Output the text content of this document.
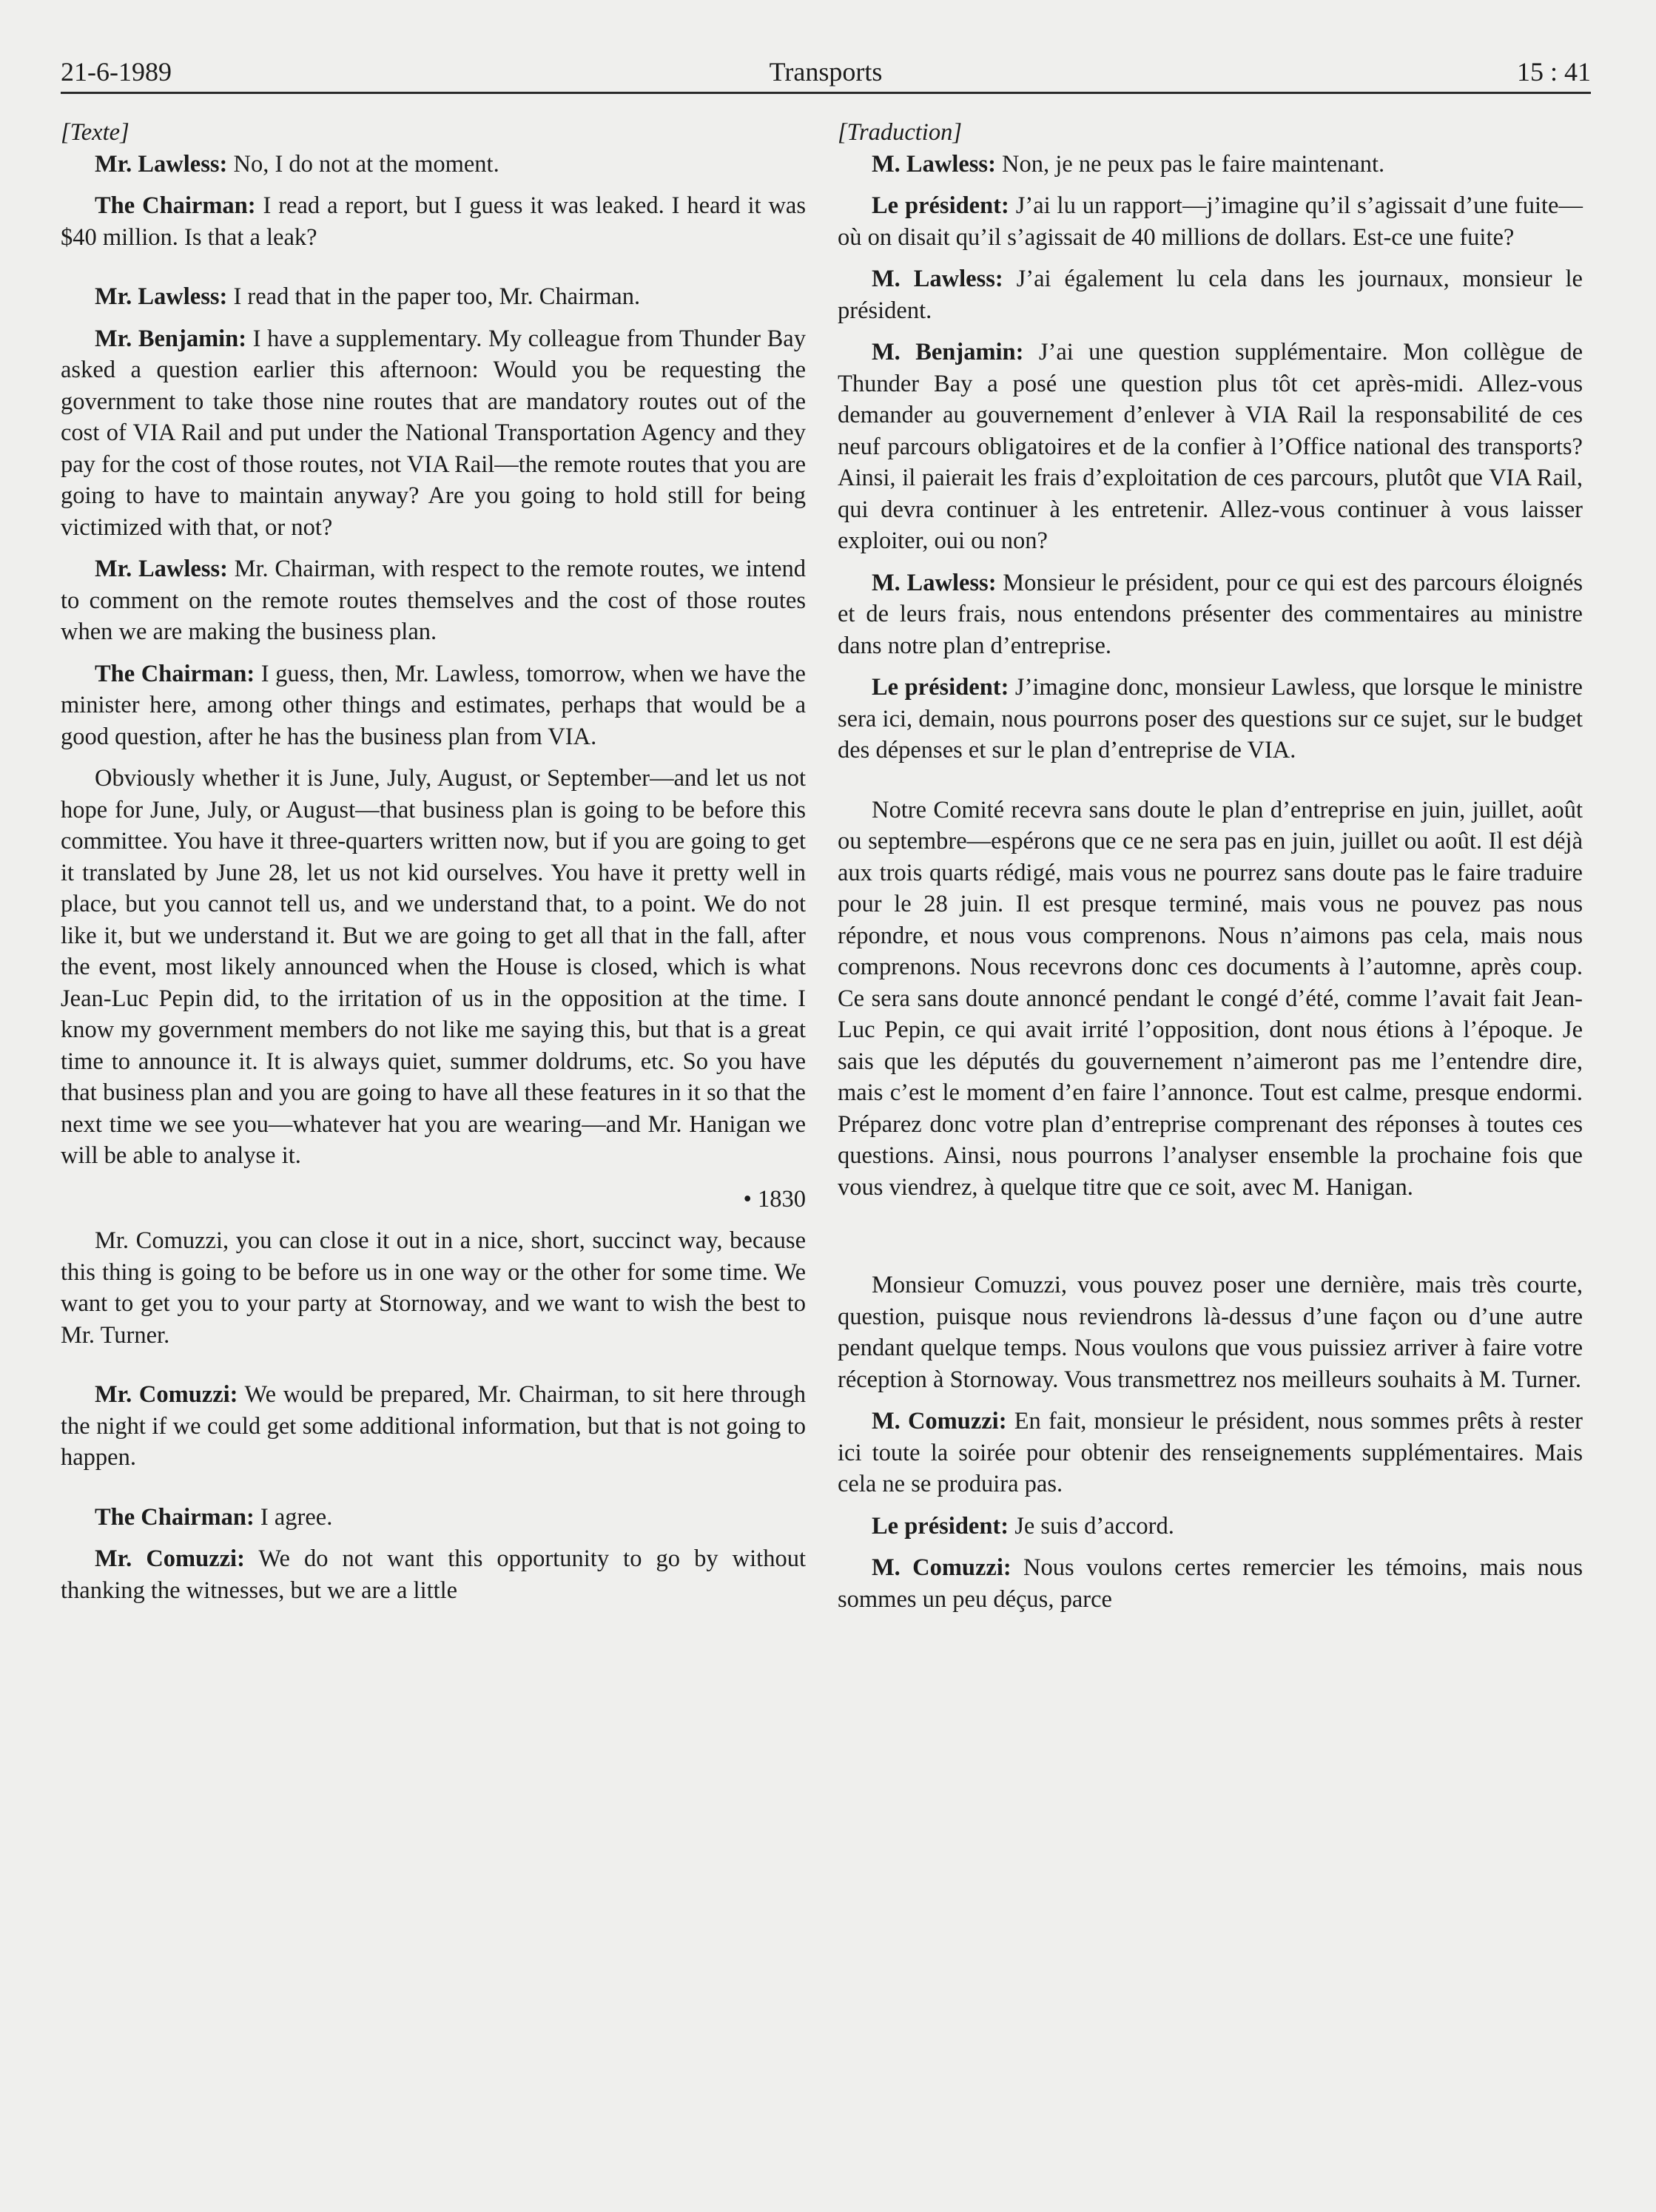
21-6-1989	Transports	15 : 41

[Texte]

Mr. Lawless: No, I do not at the moment.

The Chairman: I read a report, but I guess it was leaked. I heard it was $40 million. Is that a leak?

Mr. Lawless: I read that in the paper too, Mr. Chairman.

Mr. Benjamin: I have a supplementary. My colleague from Thunder Bay asked a question earlier this afternoon: Would you be requesting the government to take those nine routes that are mandatory routes out of the cost of VIA Rail and put under the National Transportation Agency and they pay for the cost of those routes, not VIA Rail—the remote routes that you are going to have to maintain anyway? Are you going to hold still for being victimized with that, or not?

Mr. Lawless: Mr. Chairman, with respect to the remote routes, we intend to comment on the remote routes themselves and the cost of those routes when we are making the business plan.

The Chairman: I guess, then, Mr. Lawless, tomorrow, when we have the minister here, among other things and estimates, perhaps that would be a good question, after he has the business plan from VIA.

Obviously whether it is June, July, August, or September—and let us not hope for June, July, or August—that business plan is going to be before this committee. You have it three-quarters written now, but if you are going to get it translated by June 28, let us not kid ourselves. You have it pretty well in place, but you cannot tell us, and we understand that, to a point. We do not like it, but we understand it. But we are going to get all that in the fall, after the event, most likely announced when the House is closed, which is what Jean-Luc Pepin did, to the irritation of us in the opposition at the time. I know my government members do not like me saying this, but that is a great time to announce it. It is always quiet, summer doldrums, etc. So you have that business plan and you are going to have all these features in it so that the next time we see you—whatever hat you are wearing—and Mr. Hanigan we will be able to analyse it.

• 1830

Mr. Comuzzi, you can close it out in a nice, short, succinct way, because this thing is going to be before us in one way or the other for some time. We want to get you to your party at Stornoway, and we want to wish the best to Mr. Turner.

Mr. Comuzzi: We would be prepared, Mr. Chairman, to sit here through the night if we could get some additional information, but that is not going to happen.

The Chairman: I agree.

Mr. Comuzzi: We do not want this opportunity to go by without thanking the witnesses, but we are a little

[Traduction]

M. Lawless: Non, je ne peux pas le faire maintenant.

Le président: J’ai lu un rapport—j’imagine qu’il s’agissait d’une fuite—où on disait qu’il s’agissait de 40 millions de dollars. Est-ce une fuite?

M. Lawless: J’ai également lu cela dans les journaux, monsieur le président.

M. Benjamin: J’ai une question supplémentaire. Mon collègue de Thunder Bay a posé une question plus tôt cet après-midi. Allez-vous demander au gouvernement d’enlever à VIA Rail la responsabilité de ces neuf parcours obligatoires et de la confier à l’Office national des transports? Ainsi, il paierait les frais d’exploitation de ces parcours, plutôt que VIA Rail, qui devra continuer à les entretenir. Allez-vous continuer à vous laisser exploiter, oui ou non?

M. Lawless: Monsieur le président, pour ce qui est des parcours éloignés et de leurs frais, nous entendons présenter des commentaires au ministre dans notre plan d’entreprise.

Le président: J’imagine donc, monsieur Lawless, que lorsque le ministre sera ici, demain, nous pourrons poser des questions sur ce sujet, sur le budget des dépenses et sur le plan d’entreprise de VIA.

Notre Comité recevra sans doute le plan d’entreprise en juin, juillet, août ou septembre—espérons que ce ne sera pas en juin, juillet ou août. Il est déjà aux trois quarts rédigé, mais vous ne pourrez sans doute pas le faire traduire pour le 28 juin. Il est presque terminé, mais vous ne pouvez pas nous répondre, et nous vous comprenons. Nous n’aimons pas cela, mais nous comprenons. Nous recevrons donc ces documents à l’automne, après coup. Ce sera sans doute annoncé pendant le congé d’été, comme l’avait fait Jean-Luc Pepin, ce qui avait irrité l’opposition, dont nous étions à l’époque. Je sais que les députés du gouvernement n’aimeront pas me l’entendre dire, mais c’est le moment d’en faire l’annonce. Tout est calme, presque endormi. Préparez donc votre plan d’entreprise comprenant des réponses à toutes ces questions. Ainsi, nous pourrons l’analyser ensemble la prochaine fois que vous viendrez, à quelque titre que ce soit, avec M. Hanigan.

Monsieur Comuzzi, vous pouvez poser une dernière, mais très courte, question, puisque nous reviendrons là-dessus d’une façon ou d’une autre pendant quelque temps. Nous voulons que vous puissiez arriver à faire votre réception à Stornoway. Vous transmettrez nos meilleurs souhaits à M. Turner.

M. Comuzzi: En fait, monsieur le président, nous sommes prêts à rester ici toute la soirée pour obtenir des renseignements supplémentaires. Mais cela ne se produira pas.

Le président: Je suis d’accord.

M. Comuzzi: Nous voulons certes remercier les témoins, mais nous sommes un peu déçus, parce
